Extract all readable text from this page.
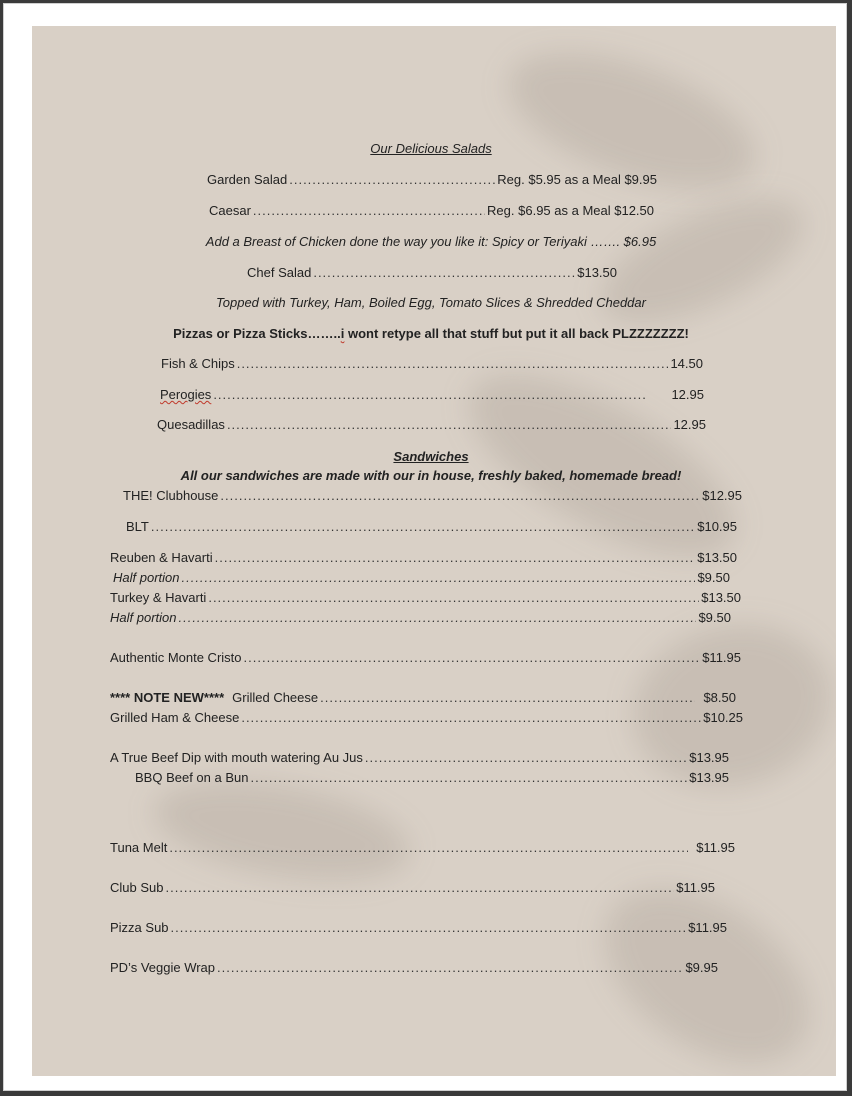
Our Delicious Salads
Garden Salad .....	Reg. $5.95 as a Meal $9.95
Caesar .....	Reg. $6.95 as a Meal $12.50
Add a Breast of Chicken done the way you like it: Spicy or Teriyaki ……. $6.95
Chef Salad .....	$13.50
Topped with Turkey, Ham, Boiled Egg, Tomato Slices & Shredded Cheddar
Pizzas or Pizza Sticks……..i wont retype all that stuff but put it all back PLZZZZZZZ!
Fish & Chips .....	14.50
Perogies .....	12.95
Quesadillas .....	12.95
Sandwiches
All our sandwiches are made with our in house, freshly baked, homemade bread!
THE! Clubhouse .....	$12.95
BLT .....	$10.95
Reuben & Havarti .....	$13.50
Half portion .....	$9.50
Turkey & Havarti .....	$13.50
Half portion .....	$9.50
Authentic Monte Cristo .....	$11.95
**** NOTE NEW**** Grilled Cheese .....	$8.50
Grilled Ham & Cheese .....	$10.25
A True Beef Dip with mouth watering Au Jus .....	$13.95
BBQ Beef on a Bun .....	$13.95
Tuna Melt .....	$11.95
Club Sub .....	$11.95
Pizza Sub .....	$11.95
PD’s Veggie Wrap .....	$9.95
